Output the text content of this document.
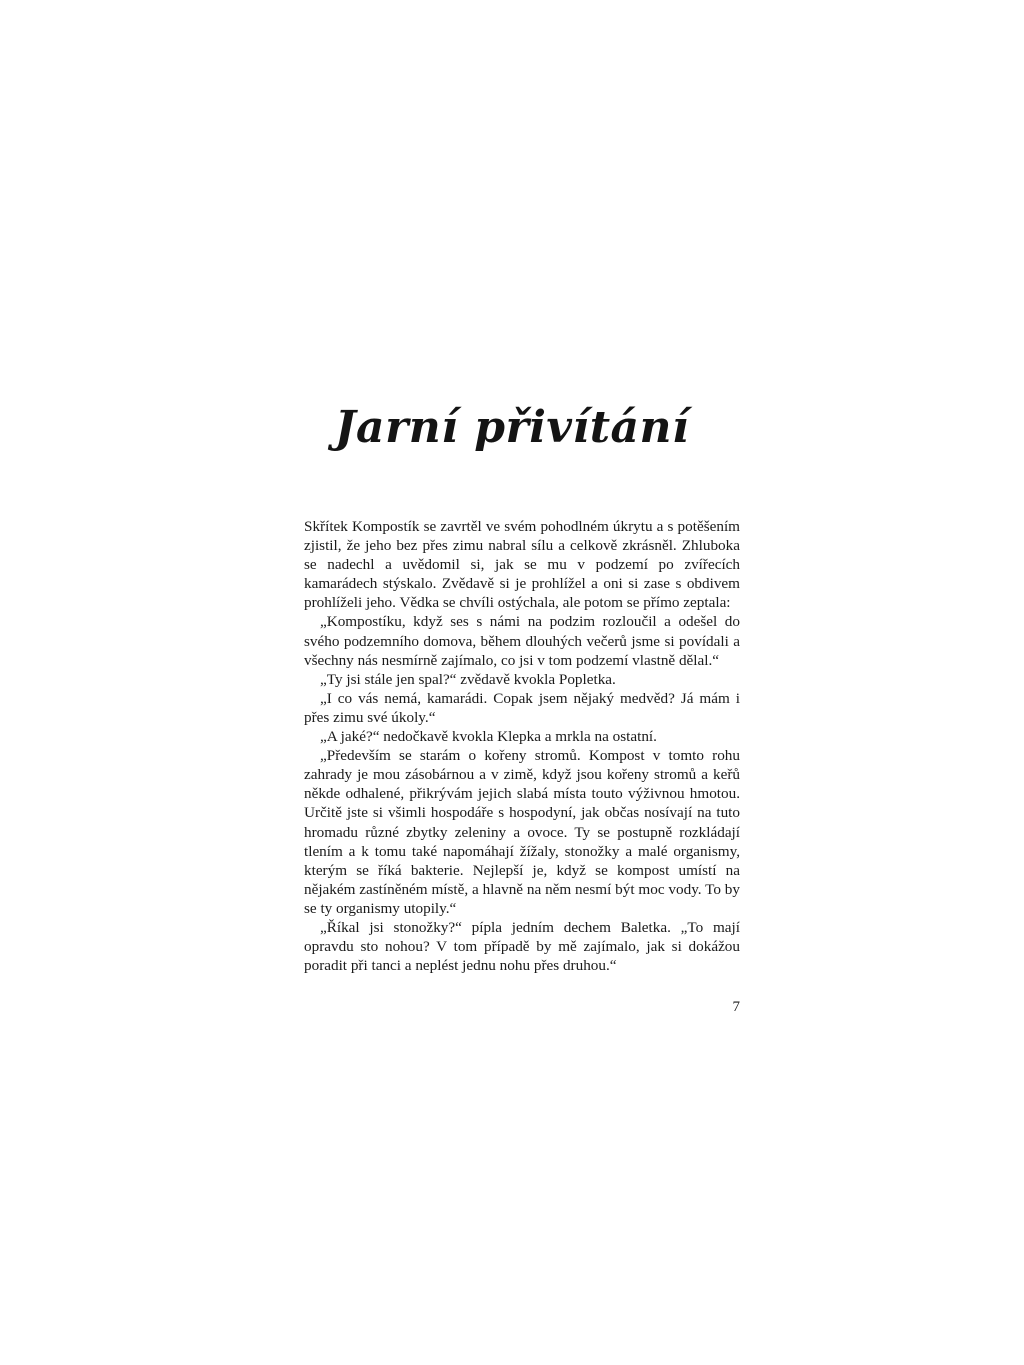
Jarní přivítání

Skřítek Kompostík se zavrtěl ve svém pohodlném úkrytu a s potěšením zjistil, že jeho bez přes zimu nabral sílu a celkově zkrásněl. Zhluboka se nadechl a uvědomil si, jak se mu v podzemí po zvířecích kamarádech stýskalo. Zvědavě si je prohlížel a oni si zase s obdivem prohlíželi jeho. Vědka se chvíli ostýchala, ale potom se přímo zeptala:

„Kompostíku, když ses s námi na podzim rozloučil a odešel do svého podzemního domova, během dlouhých večerů jsme si povídali a všechny nás nesmírně zajímalo, co jsi v tom podzemí vlastně dělal.“

„Ty jsi stále jen spal?“ zvědavě kvokla Popletka.

„I co vás nemá, kamarádi. Copak jsem nějaký medvěd? Já mám i přes zimu své úkoly.“

„A jaké?“ nedočkavě kvokla Klepka a mrkla na ostatní.

„Především se starám o kořeny stromů. Kompost v tomto rohu zahrady je mou zásobárnou a v zimě, když jsou kořeny stromů a keřů někde odhalené, přikrývám jejich slabá místa touto výživnou hmotou. Určitě jste si všimli hospodáře s hospodyní, jak občas nosívají na tuto hromadu různé zbytky zeleniny a ovoce. Ty se postupně rozkládají tlením a k tomu také napomáhají žížaly, stonožky a malé organismy, kterým se říká bakterie. Nejlepší je, když se kompost umístí na nějakém zastíněném místě, a hlavně na něm nesmí být moc vody. To by se ty organismy utopily.“

„Říkal jsi stonožky?“ pípla jedním dechem Baletka. „To mají opravdu sto nohou? V tom případě by mě zajímalo, jak si dokážou poradit při tanci a neplést jednu nohu přes druhou.“

7
